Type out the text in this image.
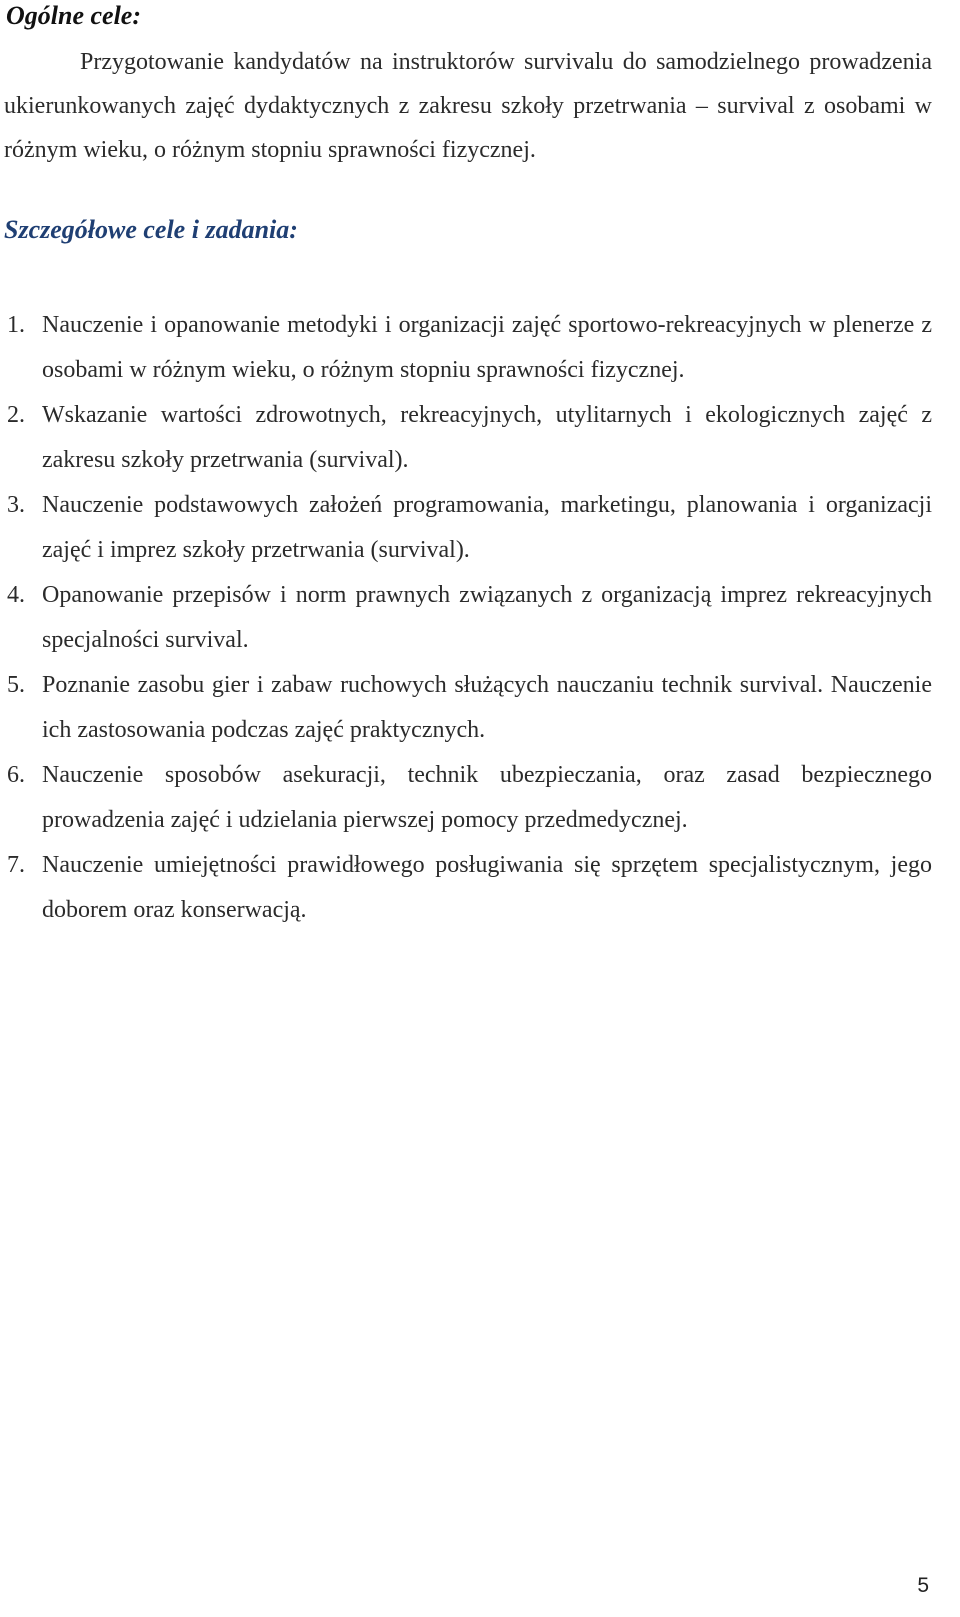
Ogólne cele:

Przygotowanie kandydatów na instruktorów survivalu do samodzielnego prowadzenia ukierunkowanych zajęć dydaktycznych z zakresu szkoły przetrwania – survival z osobami w różnym wieku, o różnym stopniu sprawności fizycznej.

Szczegółowe cele i zadania:
1. Nauczenie i opanowanie metodyki i organizacji zajęć sportowo-rekreacyjnych w plenerze z osobami w różnym wieku, o różnym stopniu sprawności fizycznej.
2. Wskazanie wartości zdrowotnych, rekreacyjnych, utylitarnych i ekologicznych zajęć z zakresu szkoły przetrwania (survival).
3. Nauczenie podstawowych założeń programowania, marketingu, planowania i organizacji zajęć i imprez szkoły przetrwania (survival).
4. Opanowanie przepisów i norm prawnych związanych z organizacją imprez rekreacyjnych specjalności survival.
5. Poznanie zasobu gier i zabaw ruchowych służących nauczaniu technik survival. Nauczenie ich zastosowania podczas zajęć praktycznych.
6. Nauczenie sposobów asekuracji, technik ubezpieczania, oraz zasad bezpiecznego prowadzenia zajęć i udzielania pierwszej pomocy przedmedycznej.
7. Nauczenie umiejętności prawidłowego posługiwania się sprzętem specjalistycznym, jego doborem oraz konserwacją.
5
